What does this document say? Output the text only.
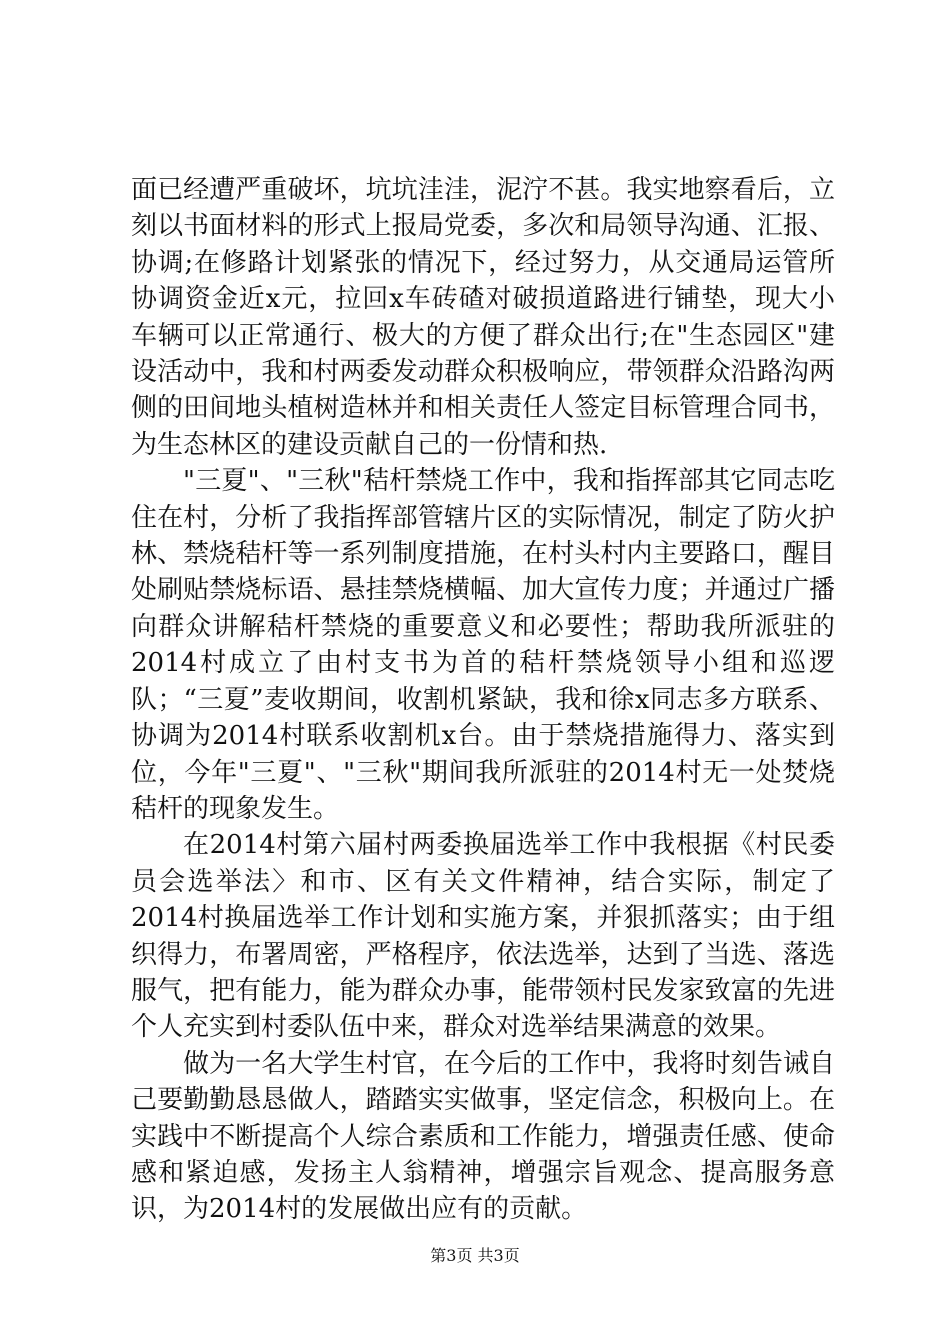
面已经遭严重破坏，坑坑洼洼，泥泞不甚。我实地察看后，立刻以书面材料的形式上报局党委，多次和局领导沟通、汇报、协调;在修路计划紧张的情况下，经过努力，从交通局运管所协调资金近x元，拉回x车砖碴对破损道路进行铺垫，现大小车辆可以正常通行、极大的方便了群众出行;在"生态园区"建设活动中，我和村两委发动群众积极响应，带领群众沿路沟两侧的田间地头植树造林并和相关责任人签定目标管理合同书，为生态林区的建设贡献自己的一份情和热.

"三夏"、"三秋"秸杆禁烧工作中，我和指挥部其它同志吃住在村，分析了我指挥部管辖片区的实际情况，制定了防火护林、禁烧秸杆等一系列制度措施，在村头村内主要路口，醒目处刷贴禁烧标语、悬挂禁烧横幅、加大宣传力度；并通过广播向群众讲解秸杆禁烧的重要意义和必要性；帮助我所派驻的2014村成立了由村支书为首的秸杆禁烧领导小组和巡逻队；“三夏”麦收期间，收割机紧缺，我和徐x同志多方联系、协调为2014村联系收割机x台。由于禁烧措施得力、落实到位，今年"三夏"、"三秋"期间我所派驻的2014村无一处焚烧秸杆的现象发生。

在2014村第六届村两委换届选举工作中我根据《村民委员会选举法〉和市、区有关文件精神，结合实际，制定了2014村换届选举工作计划和实施方案，并狠抓落实；由于组织得力，布署周密，严格程序，依法选举，达到了当选、落选服气，把有能力，能为群众办事，能带领村民发家致富的先进个人充实到村委队伍中来，群众对选举结果满意的效果。

做为一名大学生村官，在今后的工作中，我将时刻告诫自己要勤勤恳恳做人，踏踏实实做事，坚定信念，积极向上。在实践中不断提高个人综合素质和工作能力，增强责任感、使命感和紧迫感，发扬主人翁精神，增强宗旨观念、提高服务意识，为2014村的发展做出应有的贡献。

第3页 共3页
